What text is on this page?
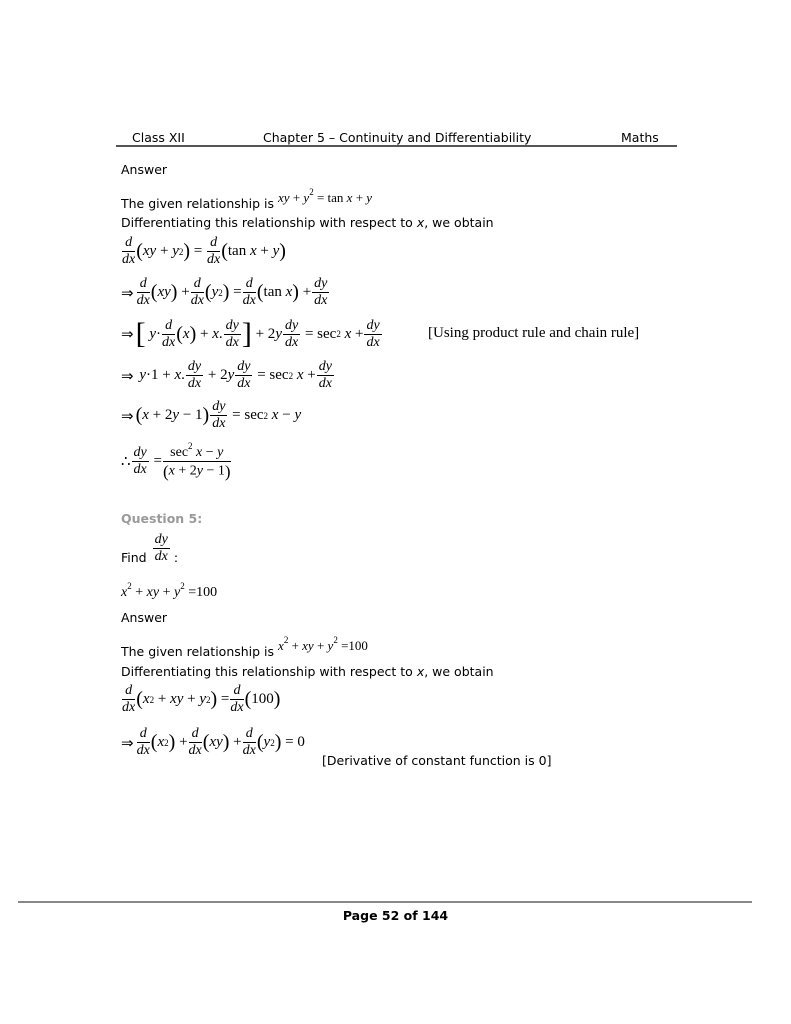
Class XII	Chapter 5 – Continuity and Differentiability	Maths
Answer
The given relationship is xy + $y^2 = \tan x + y$
Differentiating this relationship with respect to x, we obtain
$\frac{d}{dx}$ ( xy + y 2 ) = $\frac{d}{dx}$ ( tan x + y )
⇒ $\frac{d}{dx}$ ( xy ) + $\frac{d}{dx}$ ( y 2 ) = $\frac{d}{dx}$ ( tan x ) + $\frac{dy}{dx}$
⇒ [
$y \cdot \frac{d}{dx}$ ( x ) + x . $\frac{dy}{dx}$ ] + 2 y $\frac{dy}{dx} = \sec 2$
$x + \frac{dy}{dx}$	[Using product rule and chain rule]
⇒
y ·1 + x . $\frac{dy}{dx} + 2$ y $\frac{dy}{dx} = \sec 2$
$x + \frac{dy}{dx}$
⇒ ( x + 2 y − 1 ) $\frac{dy}{dx} = \sec 2$
x − y
∴ $\frac{dy}{dx} = \frac{\sec^2 x - y}{(x + 2y - 1)}$
Question 5:
Find $\frac{dy}{dx}$ :
$x^2$ + xy + $y^2 =100$
Answer
The given relationship is $x^2$ + xy + $y^2 =100$
Differentiating this relationship with respect to x, we obtain
$\frac{d}{dx}$ ( x 2 + xy + y 2 ) = $\frac{d}{dx}$ ( 100 )
⇒ $\frac{d}{dx}$ ( x 2 ) + $\frac{d}{dx}$ ( xy ) + $\frac{d}{dx}$ ( y 2 ) = 0
[Derivative of constant function is 0]
Page 52 of 144
